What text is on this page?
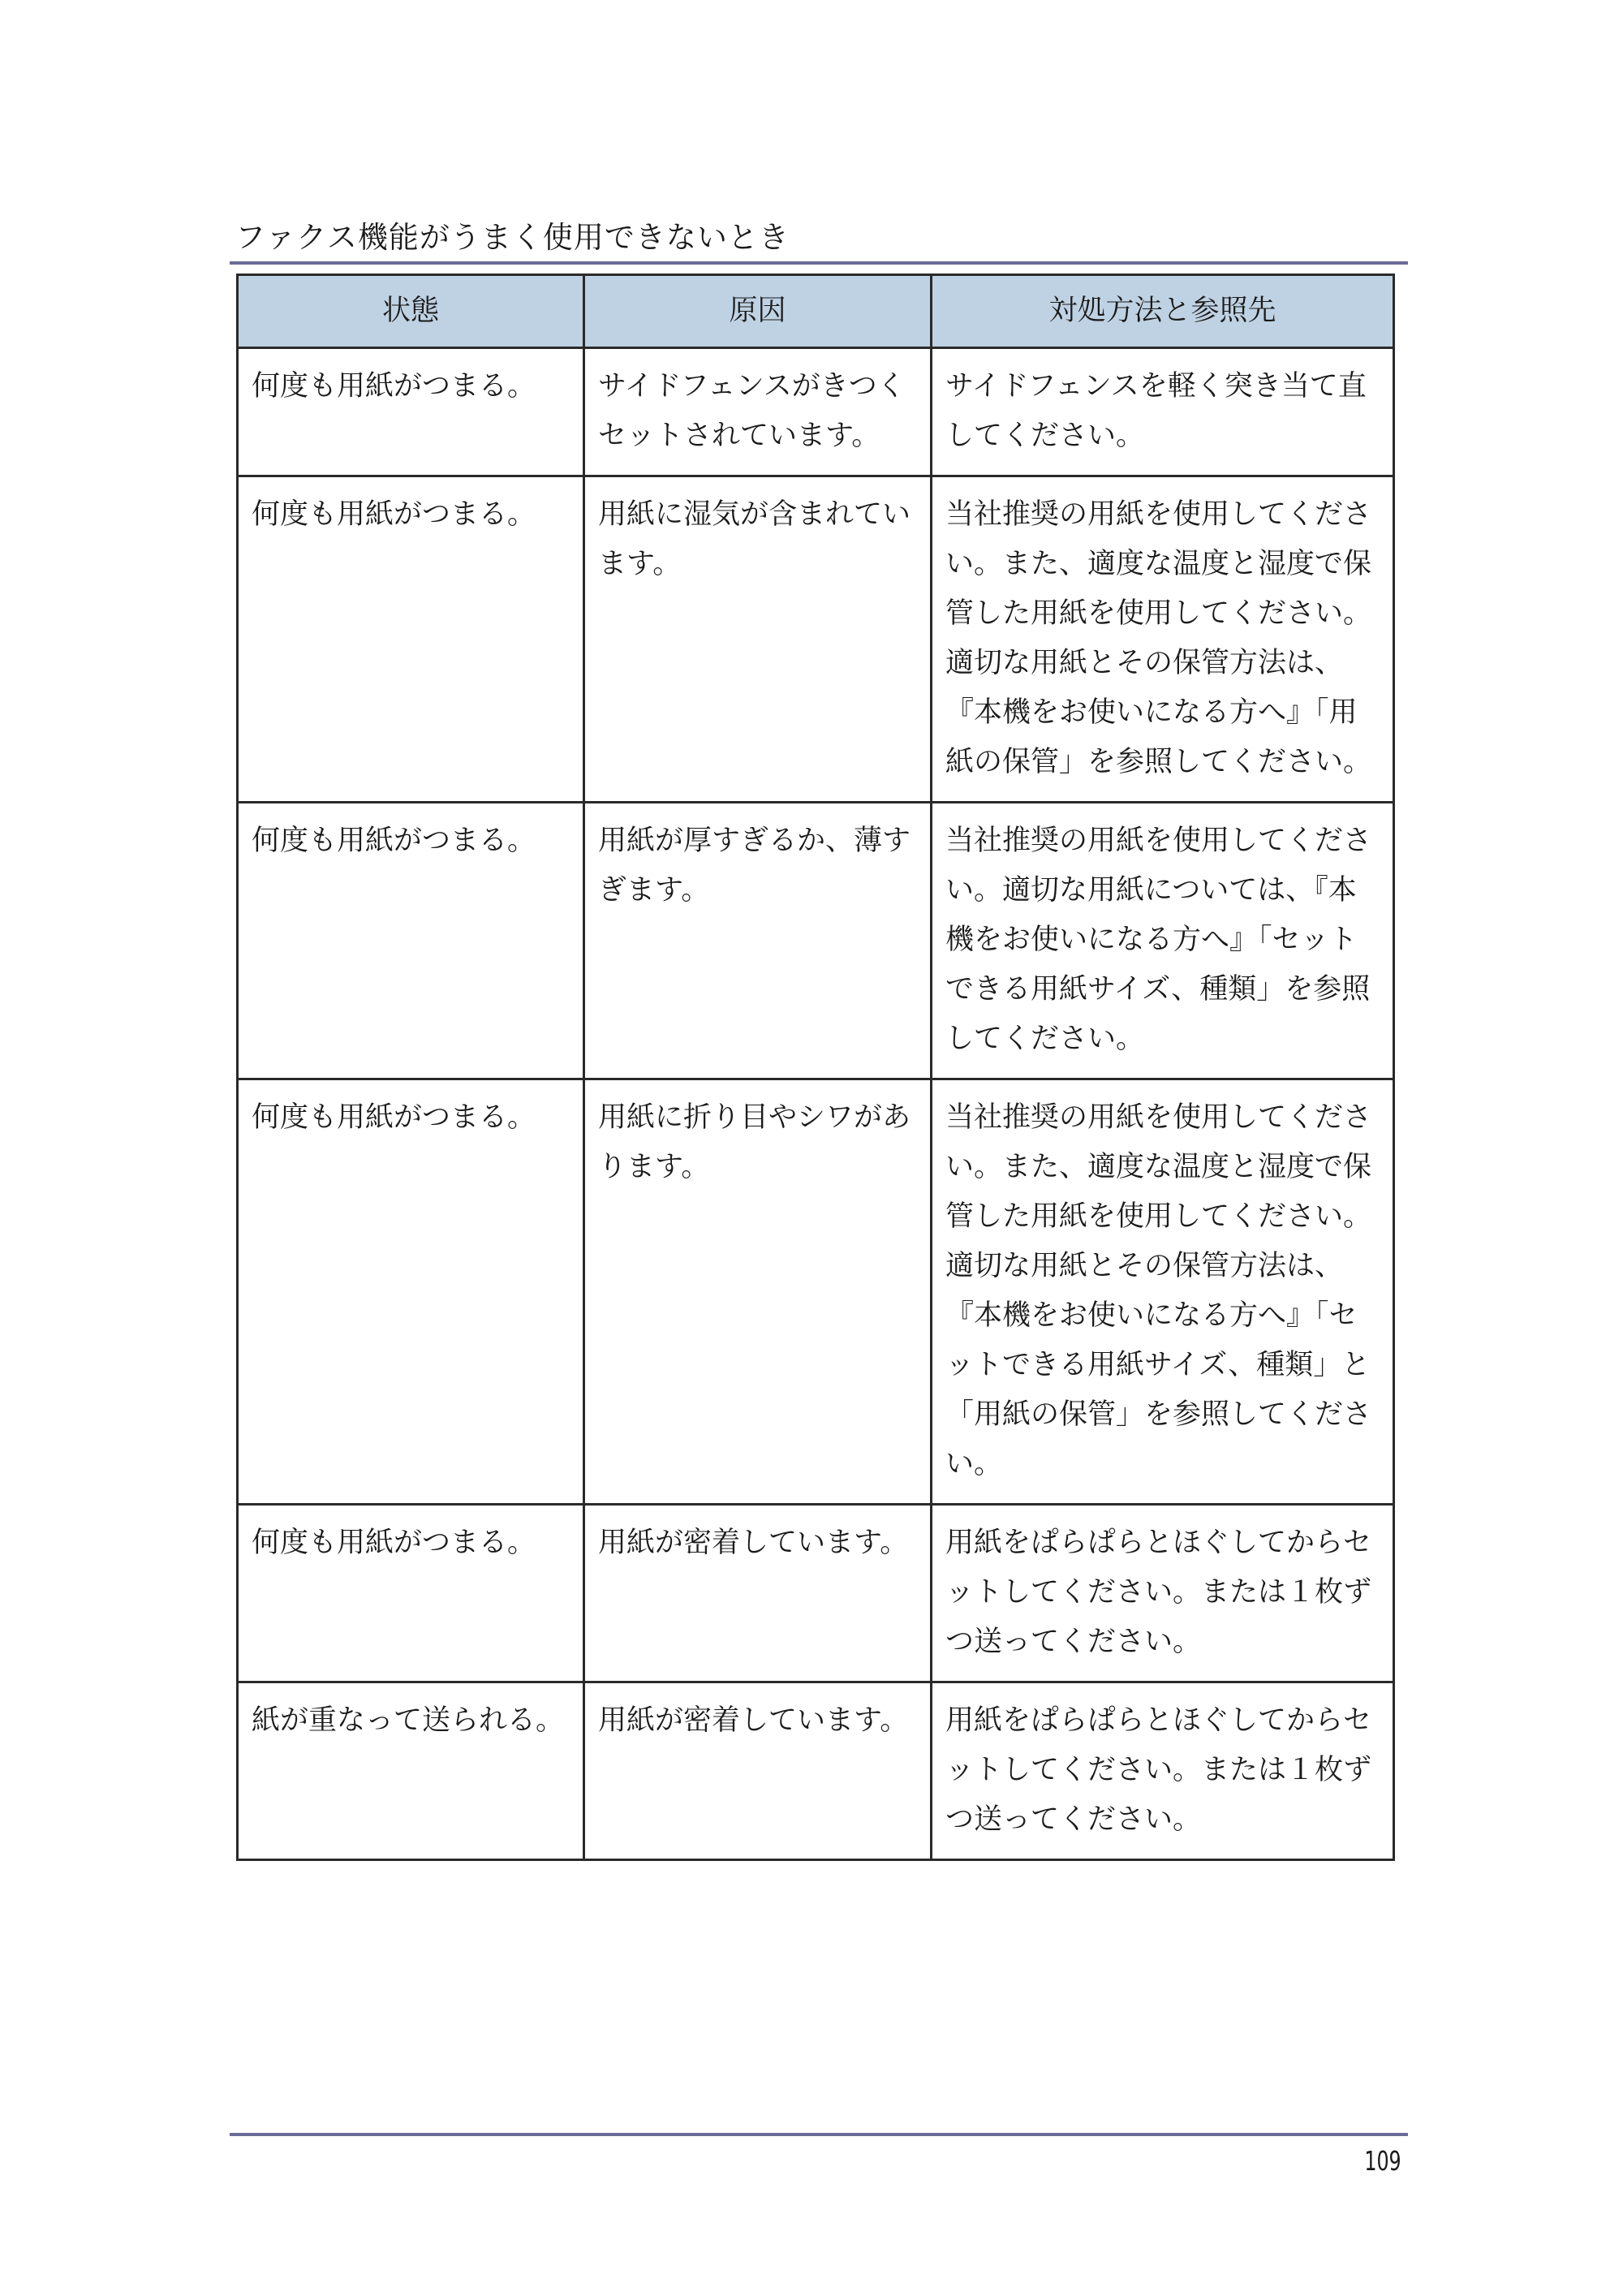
ファクス機能がうまく使用できないとき
状態	原因	対処方法と参照先
何度も用紙がつまる。	サイドフェンスがきつくセットされています。	サイドフェンスを軽く突き当て直してください。
何度も用紙がつまる。	用紙に湿気が含まれています。	当社推奨の用紙を使用してください。また、適度な温度と湿度で保管した用紙を使用してください。適切な用紙とその保管方法は、『本機をお使いになる方へ』「用紙の保管」を参照してください。
何度も用紙がつまる。	用紙が厚すぎるか、薄すぎます。	当社推奨の用紙を使用してください。適切な用紙については、『本機をお使いになる方へ』「セットできる用紙サイズ、種類」を参照してください。
何度も用紙がつまる。	用紙に折り目やシワがあります。	当社推奨の用紙を使用してください。また、適度な温度と湿度で保管した用紙を使用してください。適切な用紙とその保管方法は、『本機をお使いになる方へ』「セットできる用紙サイズ、種類」と「用紙の保管」を参照してください。
何度も用紙がつまる。	用紙が密着しています。	用紙をぱらぱらとほぐしてからセットしてください。または１枚ずつ送ってください。
紙が重なって送られる。	用紙が密着しています。	用紙をぱらぱらとほぐしてからセットしてください。または１枚ずつ送ってください。
109
